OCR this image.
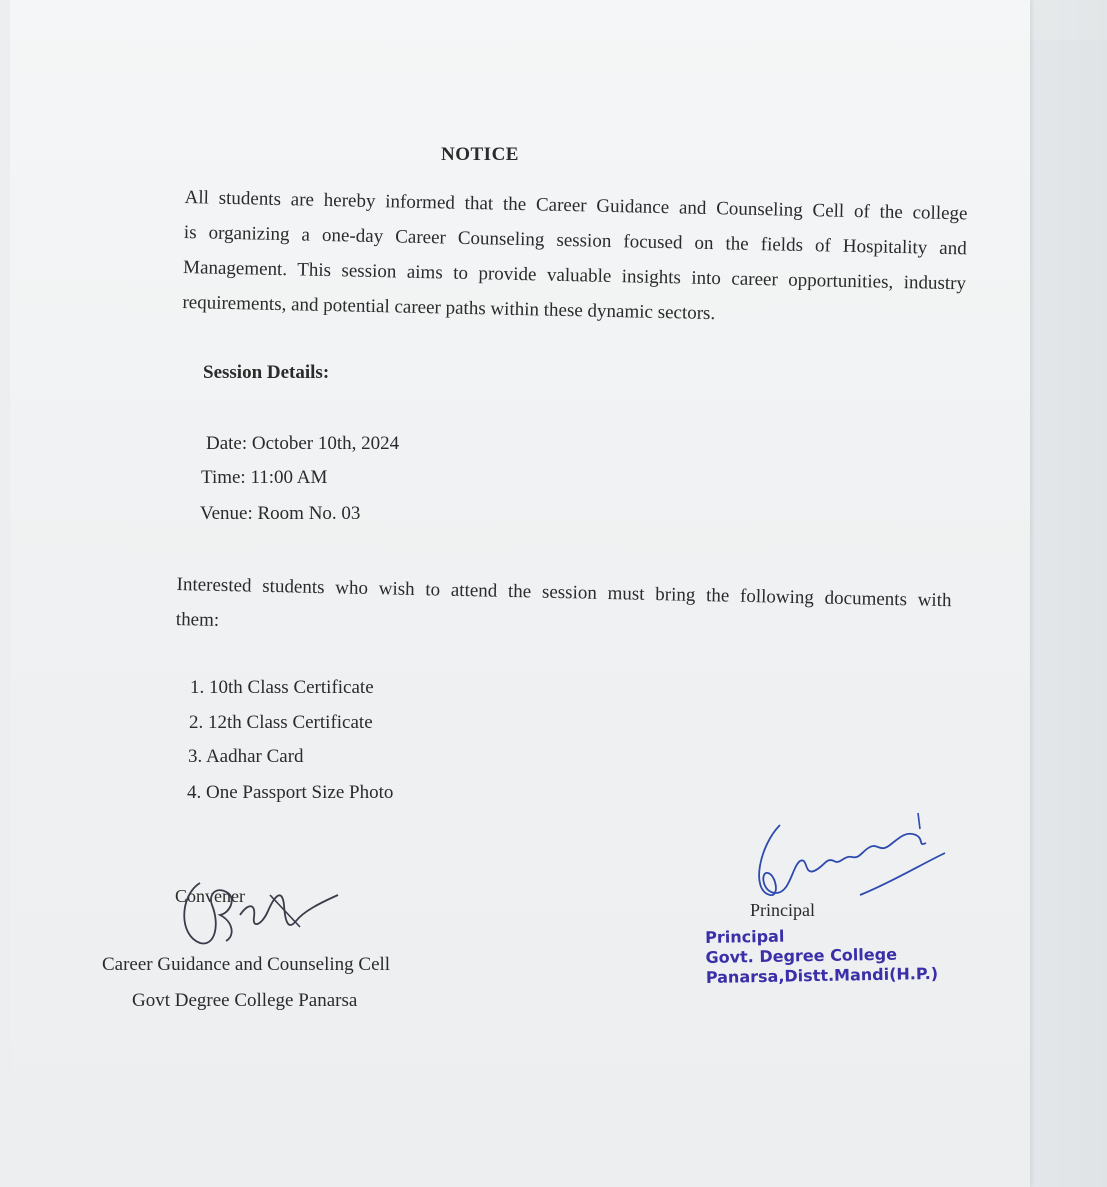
NOTICE
All students are hereby informed that the Career Guidance and Counseling Cell of the college
is organizing a one-day Career Counseling session focused on the fields of Hospitality and
Management. This session aims to provide valuable insights into career opportunities, industry
requirements, and potential career paths within these dynamic sectors.
Session Details:
Date: October 10th, 2024
Time: 11:00 AM
Venue: Room No. 03
Interested students who wish to attend the session must bring the following documents with
them:
1. 10th Class Certificate
2. 12th Class Certificate
3. Aadhar Card
4. One Passport Size Photo
Convener
Career Guidance and Counseling Cell
Govt Degree College Panarsa
Principal
Principal
Govt. Degree College
Panarsa,Distt.Mandi(H.P.)
